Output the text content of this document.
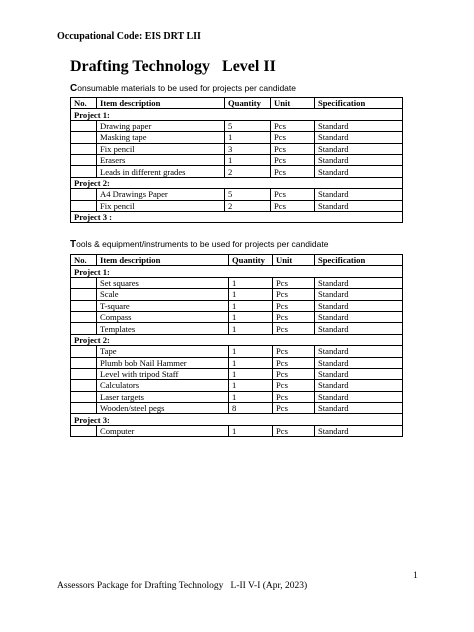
Occupational Code: EIS DRT LII
Drafting Technology   Level II
Consumable materials to be used for projects per candidate
No.	Item description	Quantity	Unit	Specification
Project 1:				
	Drawing paper	5	Pcs	Standard
	Masking tape	1	Pcs	Standard
	Fix pencil	3	Pcs	Standard
	Erasers	1	Pcs	Standard
	Leads in different grades	2	Pcs	Standard
Project 2:				
	A4 Drawings Paper	5	Pcs	Standard
	Fix pencil	2	Pcs	Standard
Project 3 :				
Tools & equipment/instruments to be used for projects per candidate
No.	Item description	Quantity	Unit	Specification
Project 1:				
	Set squares	1	Pcs	Standard
	Scale	1	Pcs	Standard
	T-square	1	Pcs	Standard
	Compass	1	Pcs	Standard
	Templates	1	Pcs	Standard
Project 2:				
	Tape	1	Pcs	Standard
	Plumb bob Nail Hammer	1	Pcs	Standard
	Level with tripod Staff	1	Pcs	Standard
	Calculators	1	Pcs	Standard
	Laser targets	1	Pcs	Standard
	Wooden/steel pegs	8	Pcs	Standard
Project 3:				
	Computer	1	Pcs	Standard
1
Assessors Package for Drafting Technology   L-II V-I (Apr, 2023)
